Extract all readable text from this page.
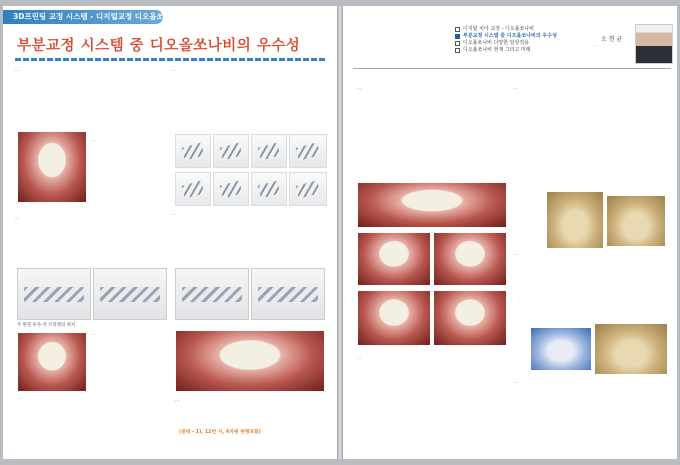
3D프린팅 교정 시스템 - 디지털교정 디오올쏘나비 ②
부분교정 시스템 중 디오올쏘나비의 우수성
…	…
…
…
…
주 변형 투자-각 브라켓의 위치
…
…	…
(중략 - 1), 12번 시, 4차원 변형포함)
디지털 치아 교정 - 디오올쏘나비
부분교정 시스템 중 디오올쏘나비의 우수성
디오올쏘나비 다양한 임상적용
디오올쏘나비 현재 그리고 미래
오 현 균
…
…	…
…
…
…
